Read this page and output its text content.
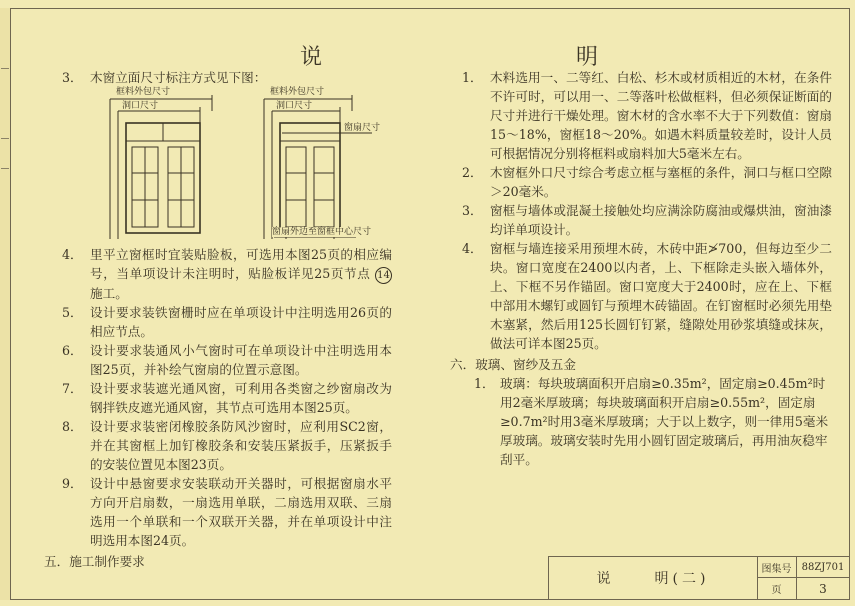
说	明
3． 木窗立面尺寸标注方式见下图：
框料外包尺寸
洞口尺寸
框料外包尺寸
洞口尺寸
窗扇尺寸
窗扇外边至窗框中心尺寸
4． 里平立窗框时宜装贴脸板，可选用本图25页的相应编号，当单项设计未注明时，贴脸板详见25页节点 14 施工。
5． 设计要求装铁窗栅时应在单项设计中注明选用26页的相应节点。
6． 设计要求装通风小气窗时可在单项设计中注明选用本图25页，并补绘气窗扇的位置示意图。
7． 设计要求装遮光通风窗，可利用各类窗之纱窗扇改为钢拌铁皮遮光通风窗，其节点可选用本图25页。
8． 设计要求装密闭橡胶条防风沙窗时，应利用SC2窗，并在其窗框上加钉橡胶条和安装压紧扳手，压紧扳手的安装位置见本图23页。
9． 设计中悬窗要求安装联动开关器时，可根据窗扇水平方向开启扇数，一扇选用单联，二扇选用双联、三扇选用一个单联和一个双联开关器，并在单项设计中注明选用本图24页。
五．施工制作要求
1． 木料选用一、二等红、白松、杉木或材质相近的木材，在条件不许可时，可以用一、二等落叶松做框料，但必须保证断面的尺寸并进行干燥处理。窗木材的含水率不大于下列数值：窗扇15～18%，窗框18～20%。如遇木料质量较差时，设计人员可根据情况分别将框料或扇料加大5毫米左右。
2． 木窗框外口尺寸综合考虑立框与塞框的条件，洞口与框口空隙＞20毫米。
3． 窗框与墙体或混凝土接触处均应满涂防腐油或爆烘油，窗油漆均详单项设计。
4． 窗框与墙连接采用预埋木砖，木砖中距≯700，但每边至少二块。窗口宽度在2400以内者，上、下框除走头嵌入墙体外，上、下框不另作锚固。窗口宽度大于2400时，应在上、下框中部用木螺钉或圆钉与预埋木砖锚固。在钉窗框时必须先用垫木塞紧，然后用125长圆钉钉紧，缝隙处用砂浆填缝或抹灰，做法可详本图25页。
六．玻璃、窗纱及五金
1． 玻璃：每块玻璃面积开启扇≥0.35m²，固定扇≥0.45m²时用2毫米厚玻璃；每块玻璃面积开启扇≥0.55m²，固定扇≥0.7m²时用3毫米厚玻璃；大于以上数字，则一律用5毫米厚玻璃。玻璃安装时先用小圆钉固定玻璃后，再用油灰稳牢刮平。
说	明(二)
图集号	88ZJ701
页	3
